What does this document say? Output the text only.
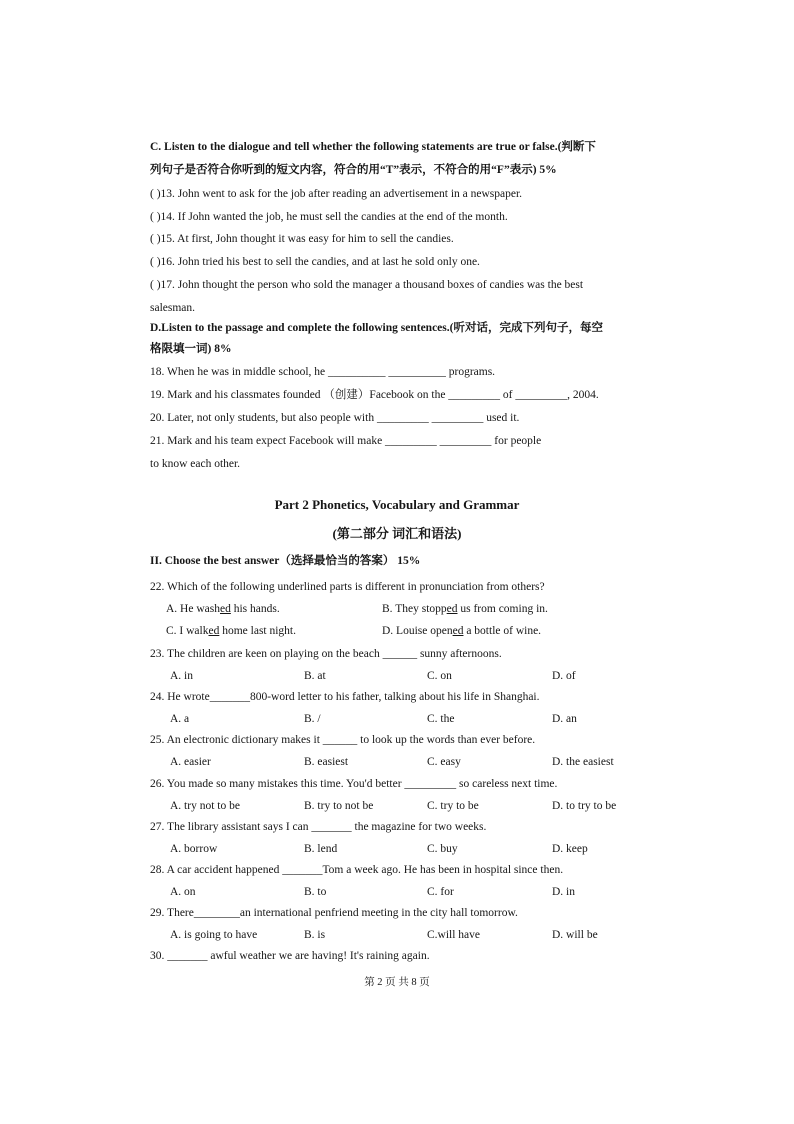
C. Listen to the dialogue and tell whether the following statements are true or false.(判断下
列句子是否符合你听到的短文内容，符合的用“T”表示，不符合的用“F”表示) 5%
( )13. John went to ask for the job after reading an advertisement in a newspaper.
( )14. If John wanted the job, he must sell the candies at the end of the month.
( )15. At first, John thought it was easy for him to sell the candies.
( )16. John tried his best to sell the candies, and at last he sold only one.
( )17. John thought the person who sold the manager a thousand boxes of candies was the best
salesman.
D.Listen to the passage and complete the following sentences.(听对话，完成下列句子，每空
格限填一词) 8%
18. When he was in middle school, he __________ __________ programs.
19. Mark and his classmates founded （创建）Facebook on the _________ of _________, 2004.
20. Later, not only students, but also people with _________ _________ used it.
21. Mark and his team expect Facebook will make _________ _________ for people
to know each other.
Part 2 Phonetics, Vocabulary and Grammar
(第二部分 词汇和语法)
II. Choose the best answer（选择最恰当的答案） 15%
22. Which of the following underlined parts is different in pronunciation from others?
A. He washed his hands.	B. They stopped us from coming in.
C. I walked home last night.	D. Louise opened a bottle of wine.
23. The children are keen on playing on the beach ______ sunny afternoons.
A. in	B. at	C. on	D. of
24. He wrote_______800-word letter to his father, talking about his life in Shanghai.
A. a	B. /	C. the	D. an
25. An electronic dictionary makes it ______ to look up the words than ever before.
A. easier	B. easiest	C. easy	D. the easiest
26. You made so many mistakes this time. You'd better _________ so careless next time.
A. try not to be	B. try to not be	C. try to be	D. to try to be
27. The library assistant says I can _______ the magazine for two weeks.
A. borrow	B. lend	C. buy	D. keep
28. A car accident happened _______Tom a week ago. He has been in hospital since then.
A. on	B. to	C. for	D. in
29. There________an international penfriend meeting in the city hall tomorrow.
A. is going to have	B. is	C.will have	D. will be
30. _______ awful weather we are having! It's raining again.
第 2 页 共 8 页
